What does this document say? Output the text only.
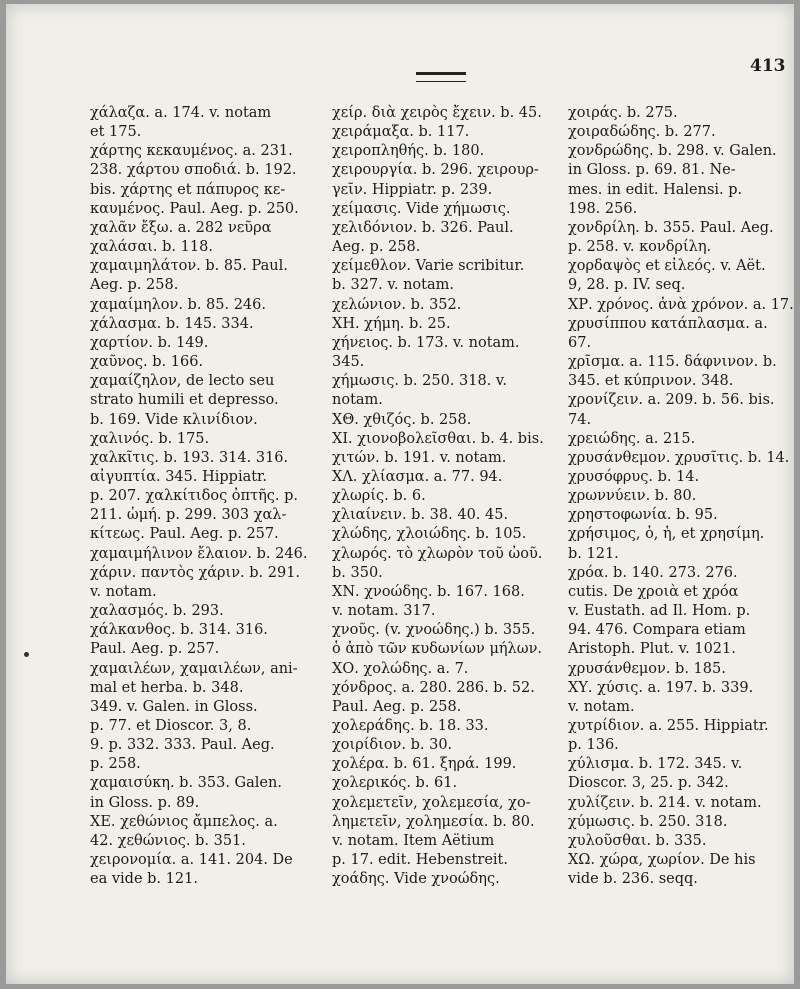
413
χάλαζα. a. 174. v. notam
et 175.
χάρτης κεκαυμένος. a. 231.
238. χάρτου σποδιά. b. 192.
bis. χάρτης et πάπυρος κε-
καυμένος. Paul. Aeg. p. 250.
χαλᾶν ἔξω. a. 282 νεῦρα
χαλάσαι. b. 118.
χαμαιμηλάτον. b. 85. Paul.
Aeg. p. 258.
χαμαίμηλον. b. 85. 246.
χάλασμα. b. 145. 334.
χαρτίον. b. 149.
χαῦνος. b. 166.
χαμαίζηλον, de lecto seu
strato humili et depresso.
b. 169. Vide κλινίδιον.
χαλινός. b. 175.
χαλκῖτις. b. 193. 314. 316.
αἰγυπτία. 345. Hippiatr.
p. 207. χαλκίτιδος ὀπτῆς. p.
211. ὠμή. p. 299. 303 χαλ-
κίτεως. Paul. Aeg. p. 257.
χαμαιμήλινον ἔλαιον. b. 246.
χάριν. παντὸς χάριν. b. 291.
v. notam.
χαλασμός. b. 293.
χάλκανθος. b. 314. 316.
Paul. Aeg. p. 257.
χαμαιλέων, χαμαιλέων, ani-
mal et herba. b. 348.
349. v. Galen. in Gloss.
p. 77. et Dioscor. 3, 8.
9. p. 332. 333. Paul. Aeg.
p. 258.
χαμαισύκη. b. 353. Galen.
in Gloss. p. 89.
ΧΕ. χεθώνιος ἄμπελος. a.
42. χεθώνιος. b. 351.
χειρονομία. a. 141. 204. De
ea vide b. 121.
χείρ. διὰ χειρὸς ἔχειν. b. 45.
χειράμαξα. b. 117.
χειροπληθής. b. 180.
χειρουργία. b. 296. χειρουρ-
γεῖν. Hippiatr. p. 239.
χείμασις. Vide χήμωσις.
χελιδόνιον. b. 326. Paul.
Aeg. p. 258.
χείμεθλον. Varie scribitur.
b. 327. v. notam.
χελώνιον. b. 352.
ΧΗ. χήμη. b. 25.
χήνειος. b. 173. v. notam.
345.
χήμωσις. b. 250. 318. v.
notam.
ΧΘ. χθιζός. b. 258.
ΧΙ. χιονοβολεῖσθαι. b. 4. bis.
χιτών. b. 191. v. notam.
ΧΛ. χλίασμα. a. 77. 94.
χλωρίς. b. 6.
χλιαίνειν. b. 38. 40. 45.
χλώδης, χλοιώδης. b. 105.
χλωρός. τὸ χλωρὸν τοῦ ὠοῦ.
b. 350.
ΧΝ. χνοώδης. b. 167. 168.
v. notam. 317.
χνοῦς. (v. χνοώδης.) b. 355.
ὁ ἀπὸ τῶν κυδωνίων μήλων.
ΧΟ. χολώδης. a. 7.
χόνδρος. a. 280. 286. b. 52.
Paul. Aeg. p. 258.
χολεράδης. b. 18. 33.
χοιρίδιον. b. 30.
χολέρα. b. 61. ξηρά. 199.
χολερικός. b. 61.
χολεμετεῖν, χολεμεσία, χο-
λημετεῖν, χολημεσία. b. 80.
v. notam. Item Aëtium
p. 17. edit. Hebenstreit.
χοάδης. Vide χνοώδης.
χοιράς. b. 275.
χοιραδώδης. b. 277.
χονδρώδης. b. 298. v. Galen.
in Gloss. p. 69. 81. Ne-
mes. in edit. Halensi. p.
198. 256.
χονδρίλη. b. 355. Paul. Aeg.
p. 258. v. κονδρίλη.
χορδαψὸς et εἰλεός. v. Aët.
9, 28. p. IV. seq.
ΧΡ. χρόνος. ἀνὰ χρόνον. a. 17.
χρυσίππου κατάπλασμα. a.
67.
χρῖσμα. a. 115. δάφνινον. b.
345. et κύπρινον. 348.
χρονίζειν. a. 209. b. 56. bis.
74.
χρειώδης. a. 215.
χρυσάνθεμον. χρυσῖτις. b. 14.
χρυσόφρυς. b. 14.
χρωννύειν. b. 80.
χρηστοφωνία. b. 95.
χρήσιμος, ὁ, ἡ, et χρησίμη.
b. 121.
χρόα. b. 140. 273. 276.
cutis. De χροιὰ et χρόα
v. Eustath. ad Il. Hom. p.
94. 476. Compara etiam
Aristoph. Plut. v. 1021.
χρυσάνθεμον. b. 185.
ΧΥ. χύσις. a. 197. b. 339.
v. notam.
χυτρίδιον. a. 255. Hippiatr.
p. 136.
χύλισμα. b. 172. 345. v.
Dioscor. 3, 25. p. 342.
χυλίζειν. b. 214. v. notam.
χύμωσις. b. 250. 318.
χυλοῦσθαι. b. 335.
ΧΩ. χώρα, χωρίον. De his
vide b. 236. seqq.
